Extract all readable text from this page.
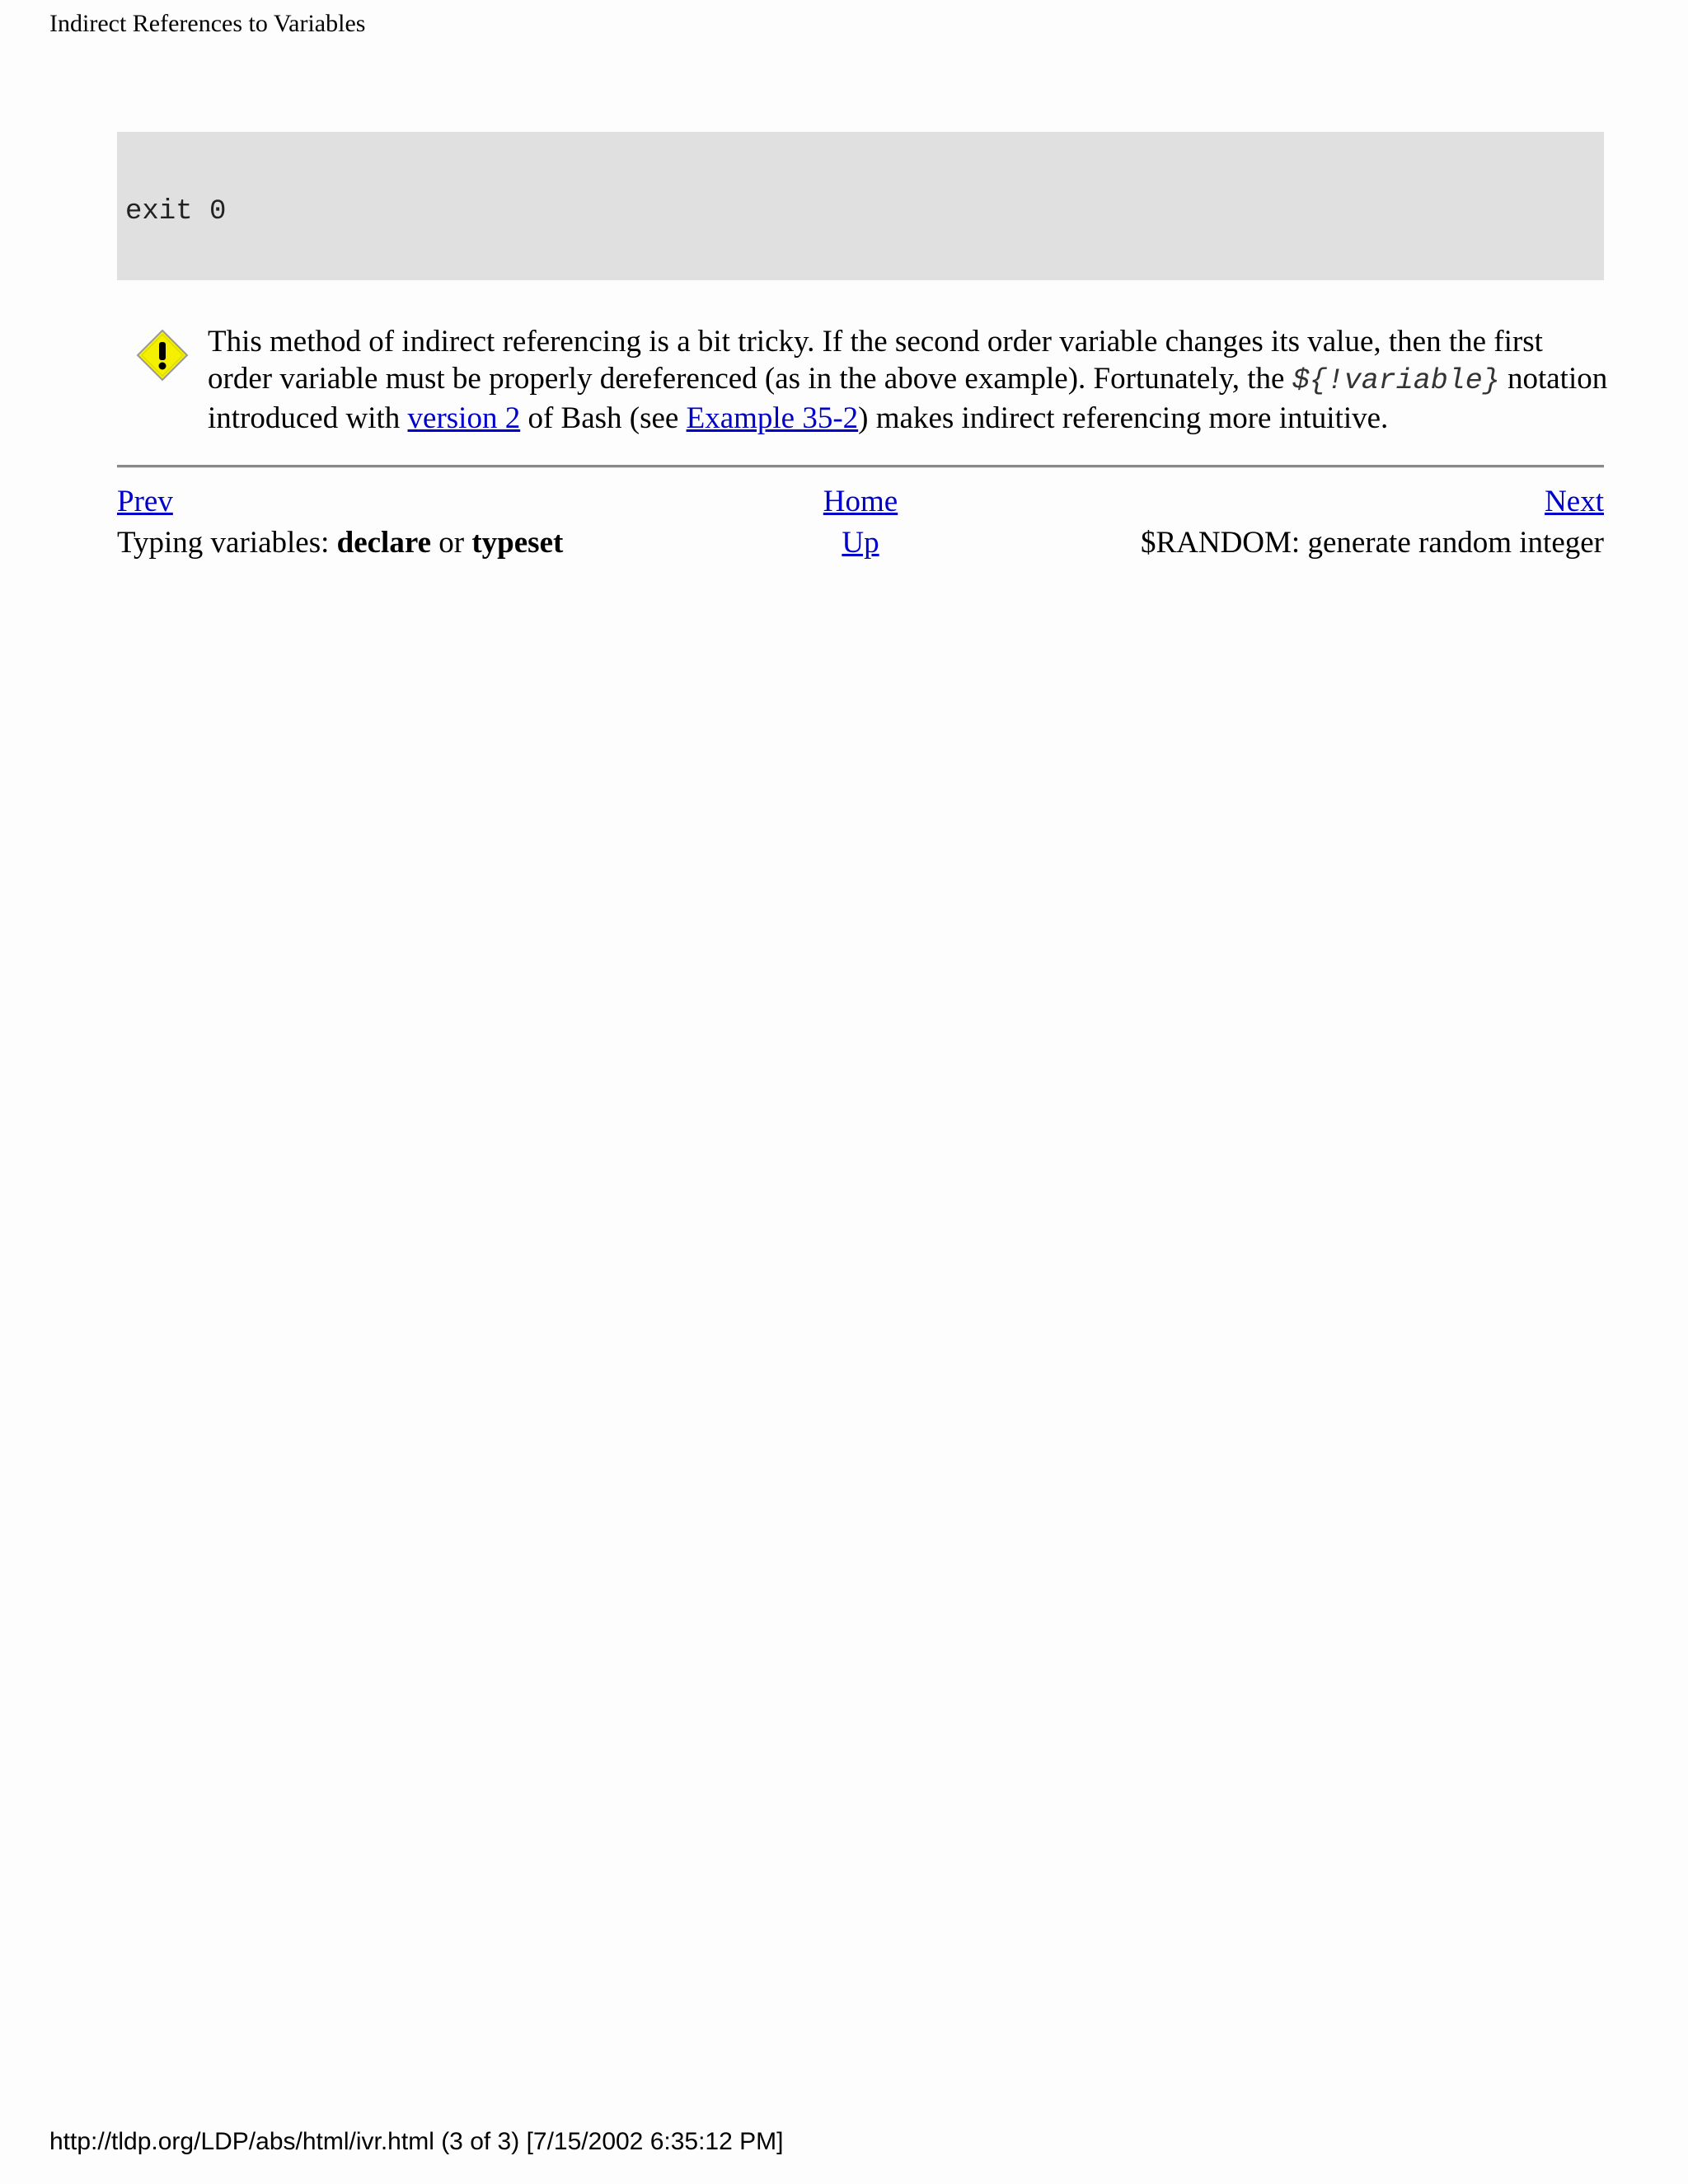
Indirect References to Variables
exit 0
This method of indirect referencing is a bit tricky. If the second order variable changes its value, then the first order variable must be properly dereferenced (as in the above example). Fortunately, the ${!variable} notation introduced with version 2 of Bash (see Example 35-2) makes indirect referencing more intuitive.
Prev	Home	Next
Typing variables: declare or typeset	Up	$RANDOM: generate random integer
http://tldp.org/LDP/abs/html/ivr.html (3 of 3) [7/15/2002 6:35:12 PM]
